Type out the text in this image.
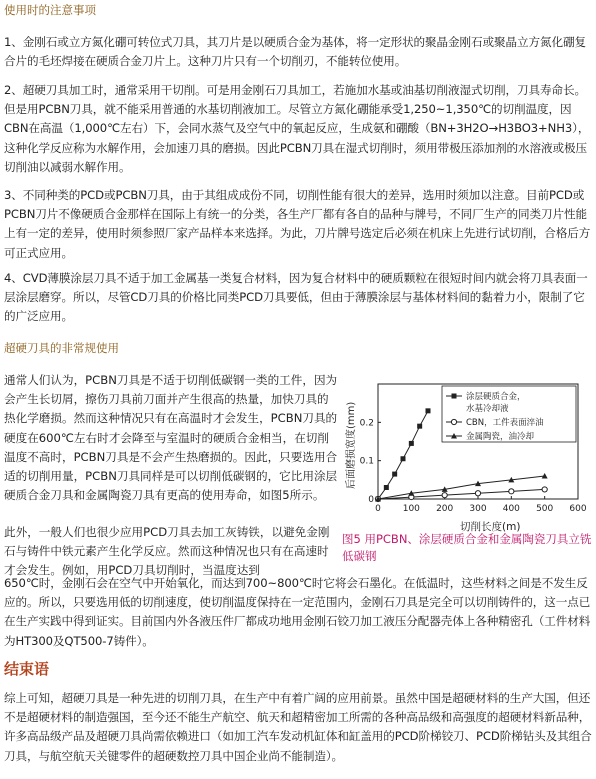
使用时的注意事项

1、金刚石或立方氮化硼可转位式刀具，其刀片是以硬质合金为基体，将一定形状的聚晶金刚石或聚晶立方氮化硼复合片的毛坯焊接在硬质合金刀片上。这种刀片只有一个切削刃，不能转位使用。

2、超硬刀具加工时，通常采用干切削。可是用金刚石刀具加工，若施加水基或油基切削液湿式切削，刀具寿命长。但是用PCBN刀具，就不能采用普通的水基切削液加工。尽管立方氮化硼能承受1,250~1,350℃的切削温度，因CBN在高温（1,000℃左右）下，会同水蒸气及空气中的氧起反应，生成氨和硼酸（BN+3H2O→H3BO3+NH3），这种化学反应称为水解作用，会加速刀具的磨损。因此PCBN刀具在湿式切削时，须用带极压添加剂的水溶液或极压切削油以减弱水解作用。

3、不同种类的PCD或PCBN刀具，由于其组成成份不同，切削性能有很大的差异，选用时须加以注意。目前PCD或PCBN刀片不像硬质合金那样在国际上有统一的分类，各生产厂都有各自的品种与牌号，不同厂生产的同类刀片性能上有一定的差异，使用时须参照厂家产品样本来选择。为此，刀片牌号选定后必须在机床上先进行试切削，合格后方可正式应用。

4、CVD薄膜涂层刀具不适于加工金属基一类复合材料，因为复合材料中的硬质颗粒在很短时间内就会将刀具表面一层涂层磨穿。所以，尽管CD刀具的价格比同类PCD刀具要低，但由于薄膜涂层与基体材料间的黏着力小，限制了它的广泛应用。

超硬刀具的非常规使用

通常人们认为，PCBN刀具是不适于切削低碳钢一类的工件，因为会产生长切屑，擦伤刀具前刀面并产生很高的热量，加快刀具的热化学磨损。然而这种情况只有在高温时才会发生，PCBN刀具的硬度在600℃左右时才会降至与室温时的硬质合金相当，在切削温度不高时，PCBN刀具是不会产生热磨损的。因此，只要选用合适的切削用量，PCBN刀具同样是可以切削低碳钢的，它比用涂层硬质合金刀具和金属陶瓷刀具有更高的使用寿命，如图5所示。

此外，一般人们也很少应用PCD刀具去加工灰铸铁，以避免金刚石与铸件中铁元素产生化学反应。然而这种情况也只有在高速时才会发生。例如，用PCD刀具切削时，当温度达到

650℃时，金刚石会在空气中开始氧化，而达到700~800℃时它将会石墨化。在低温时，这些材料之间是不发生反应的。所以，只要选用低的切削速度，使切削温度保持在一定范围内，金刚石刀具是完全可以切削铸件的，这一点已在生产实践中得到证实。目前国内外各液压件厂都成功地用金刚石铰刀加工液压分配器壳体上各种精密孔（工件材料为HT300及QT500-7铸件）。

后面磨损宽度(mm)
切削长度(m)
0 100 200 300 400 500 600
0
0.1
0.2
涂层硬质合金，
水基冷却液
CBN，工件表面淬油
金属陶瓷，油冷却
图5 用PCBN、涂层硬质合金和金属陶瓷刀具立铣低碳钢
结束语

综上可知，超硬刀具是一种先进的切削刀具，在生产中有着广阔的应用前景。虽然中国是超硬材料的生产大国，但还不是超硬材料的制造强国，至今还不能生产航空、航天和超精密加工所需的各种高品级和高强度的超硬材料新品种，许多高品级产品及超硬刀具尚需依赖进口（如加工汽车发动机缸体和缸盖用的PCD阶梯铰刀、PCD阶梯钻头及其组合刀具，与航空航天关键零件的超硬数控刀具中国企业尚不能制造）。
